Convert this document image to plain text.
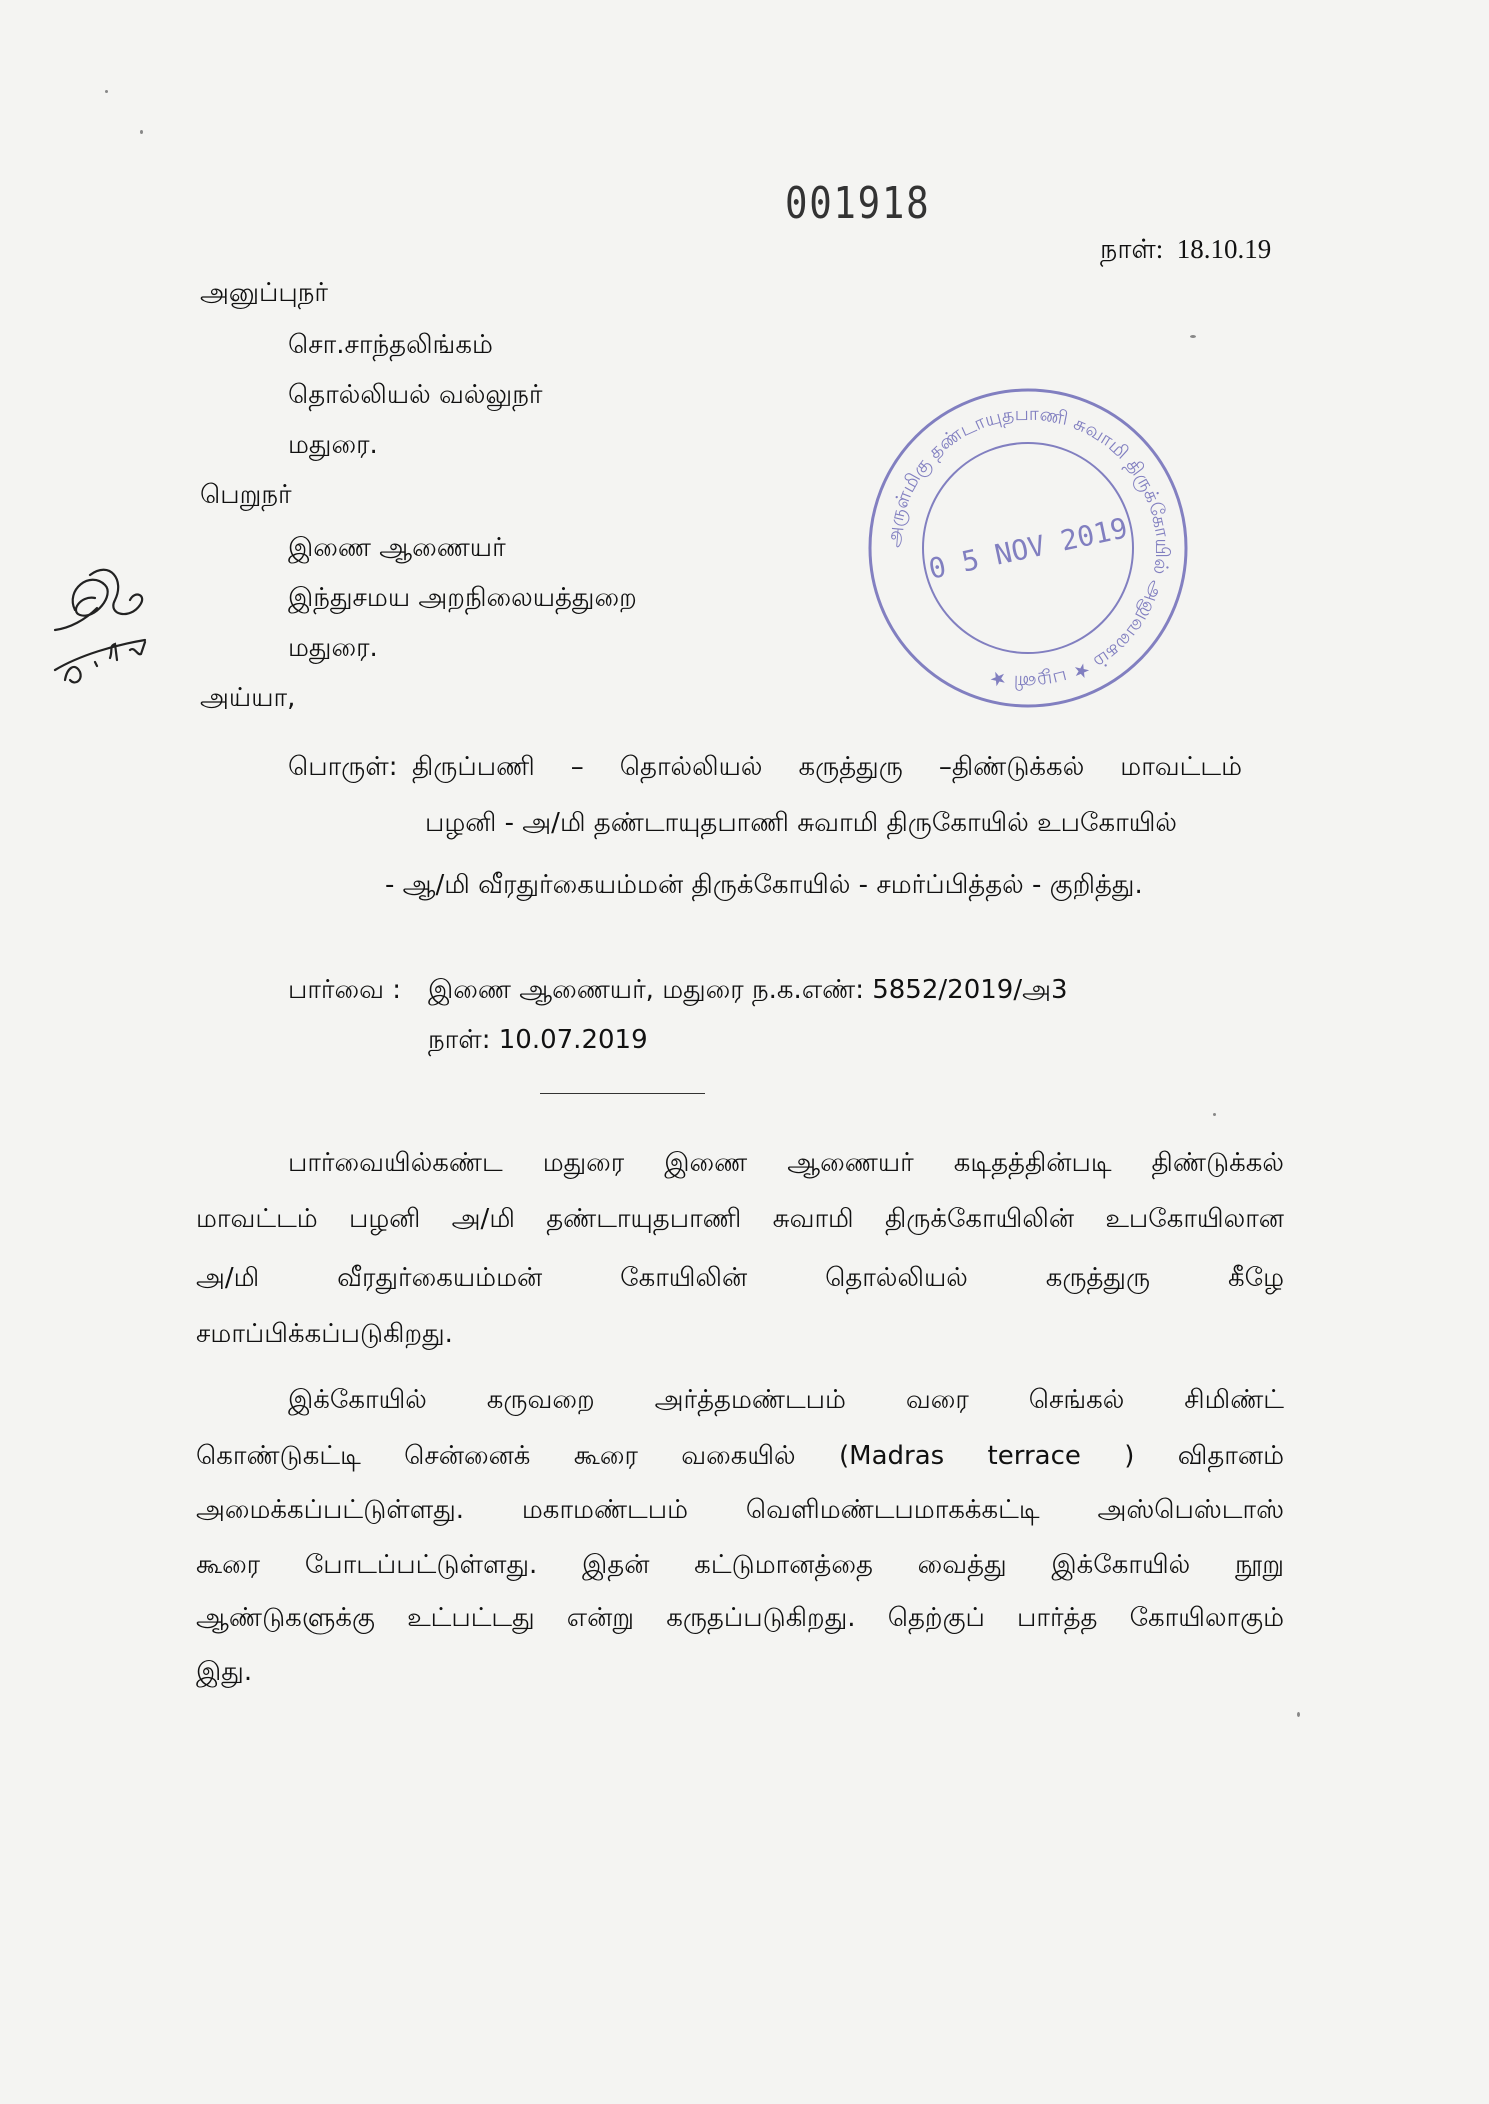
001918
நாள்: 18.10.19
அனுப்புநர்
சொ.சாந்தலிங்கம்
தொல்லியல் வல்லுநர்
மதுரை.
பெறுநர்
இணை ஆணையர்
இந்துசமய அறநிலையத்துறை
மதுரை.
அய்யா,
பொருள்: திருப்பணி – தொல்லியல் கருத்துரு –திண்டுக்கல் மாவட்டம்
பழனி - அ/மி தண்டாயுதபாணி சுவாமி திருகோயில் உபகோயில்
- ஆ/மி வீரதுர்கையம்மன் திருக்கோயில் - சமர்ப்பித்தல் - குறித்து.
பார்வை : இணை ஆணையர், மதுரை ந.க.எண்: 5852/2019/அ3
நாள்: 10.07.2019
பார்வையில்கண்ட மதுரை இணை ஆணையர் கடிதத்தின்படி திண்டுக்கல்
மாவட்டம் பழனி அ/மி தண்டாயுதபாணி சுவாமி திருக்கோயிலின் உபகோயிலான
அ/மி வீரதுர்கையம்மன் கோயிலின் தொல்லியல் கருத்துரு கீழே
சமாப்பிக்கப்படுகிறது.
இக்கோயில் கருவறை அர்த்தமண்டபம் வரை செங்கல் சிமிண்ட்
கொண்டுகட்டி சென்னைக் கூரை வகையில் (Madras terrace ) விதானம்
அமைக்கப்பட்டுள்ளது. மகாமண்டபம் வெளிமண்டபமாகக்கட்டி அஸ்பெஸ்டாஸ்
கூரை போடப்பட்டுள்ளது. இதன் கட்டுமானத்தை வைத்து இக்கோயில் நூறு
ஆண்டுகளுக்கு உட்பட்டது என்று கருதப்படுகிறது. தெற்குப் பார்த்த கோயிலாகும்
இது.
அருள்மிகு தண்டாயுதபாணி சுவாமி திருக்கோயில் அலுவலகம் ★ பழனி ★
0 5 NOV 2019
